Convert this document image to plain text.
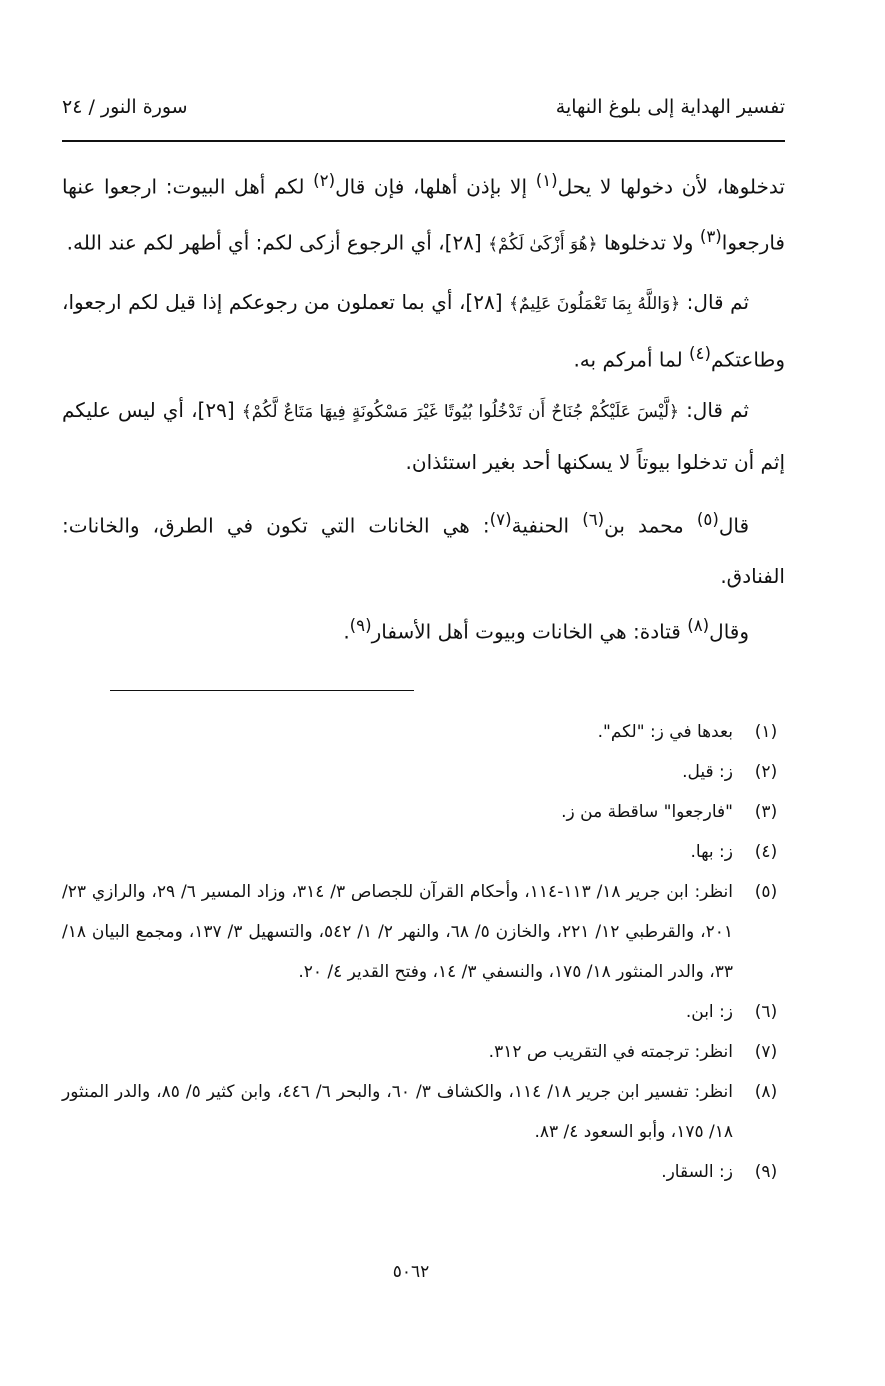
تفسير الهداية إلى بلوغ النهاية
سورة النور / ٢٤

تدخلوها، لأن دخولها لا يحل$^{(١)}$ إلا بإذن أهلها، فإن قال$^{(٢)}$ لكم أهل البيوت: ارجعوا عنها فارجعوا$^{(٣)}$ ولا تدخلوها ﴿هُوَ أَزْكَىٰ لَكُمْ﴾ [٢٨]، أي الرجوع أزكى لكم: أي أطهر لكم عند الله.

ثم قال: ﴿وَاللَّهُ بِمَا تَعْمَلُونَ عَلِيمٌ﴾ [٢٨]، أي بما تعملون من رجوعكم إذا قيل لكم ارجعوا، وطاعتكم$^{(٤)}$ لما أمركم به.

ثم قال: ﴿لَّيْسَ عَلَيْكُمْ جُنَاحٌ أَن تَدْخُلُوا بُيُوتًا غَيْرَ مَسْكُونَةٍ فِيهَا مَتَاعٌ لَّكُمْ﴾ [٢٩]، أي ليس عليكم إثم أن تدخلوا بيوتاً لا يسكنها أحد بغير استئذان.

قال$^{(٥)}$ محمد بن$^{(٦)}$ الحنفية$^{(٧)}$: هي الخانات التي تكون في الطرق، والخانات: الفنادق.

وقال$^{(٨)}$ قتادة: هي الخانات وبيوت أهل الأسفار$^{(٩)}$.

(١)
بعدها في ز: "لكم".
(٢)
ز: قيل.
(٣)
"فارجعوا" ساقطة من ز.
(٤)
ز: بها.
(٥)
انظر: ابن جرير ١٨/ ١١٣-١١٤، وأحكام القرآن للجصاص ٣/ ٣١٤، وزاد المسير ٦/ ٢٩، والرازي ٢٣/ ٢٠١، والقرطبي ١٢/ ٢٢١، والخازن ٥/ ٦٨، والنهر ٢/ ١/ ٥٤٢، والتسهيل ٣/ ١٣٧، ومجمع البيان ١٨/ ٣٣، والدر المنثور ١٨/ ١٧٥، والنسفي ٣/ ١٤، وفتح القدير ٤/ ٢٠.
(٦)
ز: ابن.
(٧)
انظر: ترجمته في التقريب ص ٣١٢.
(٨)
انظر: تفسير ابن جرير ١٨/ ١١٤، والكشاف ٣/ ٦٠، والبحر ٦/ ٤٤٦، وابن كثير ٥/ ٨٥، والدر المنثور ١٨/ ١٧٥، وأبو السعود ٤/ ٨٣.
(٩)
ز: السقار.
٥٠٦٢
